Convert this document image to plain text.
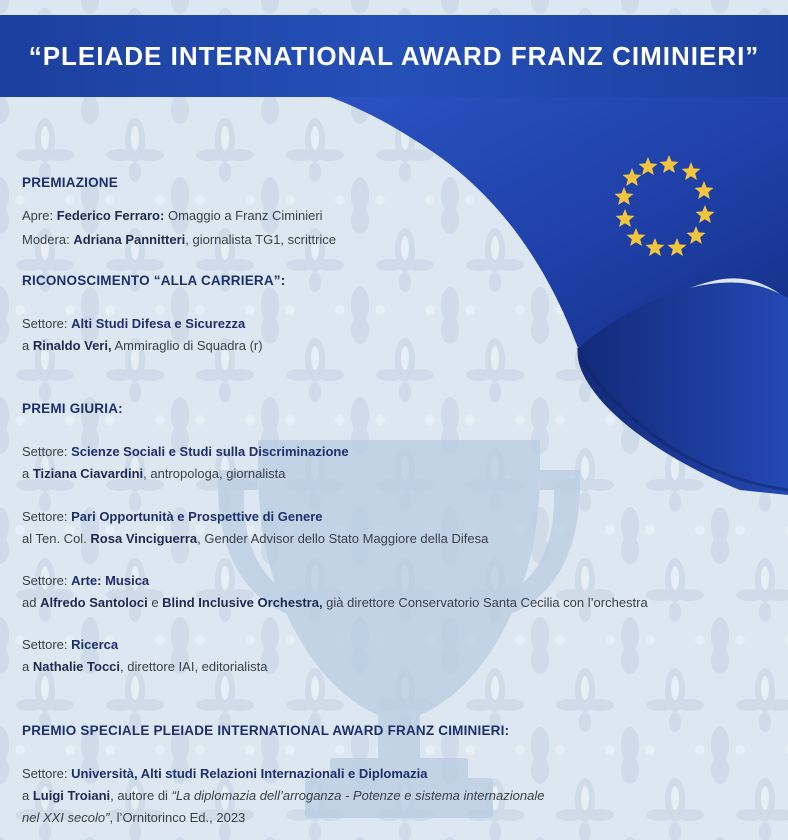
“PLEIADE INTERNATIONAL AWARD FRANZ CIMINIERI”
PREMIAZIONE
Apre: Federico Ferraro: Omaggio a Franz Ciminieri
Modera: Adriana Pannitteri, giornalista TG1, scrittrice
RICONOSCIMENTO “ALLA CARRIERA”:
Settore: Alti Studi Difesa e Sicurezza
a Rinaldo Veri, Ammiraglio di Squadra (r)
PREMI GIURIA:
Settore: Scienze Sociali e Studi sulla Discriminazione
a Tiziana Ciavardini, antropologa, giornalista
Settore: Pari Opportunità e Prospettive di Genere
al Ten. Col. Rosa Vinciguerra, Gender Advisor dello Stato Maggiore della Difesa
Settore: Arte: Musica
ad Alfredo Santoloci e Blind Inclusive Orchestra, già direttore Conservatorio Santa Cecilia con l’orchestra
Settore: Ricerca
a Nathalie Tocci, direttore IAI, editorialista
PREMIO SPECIALE PLEIADE INTERNATIONAL AWARD FRANZ CIMINIERI:
Settore: Università, Alti studi Relazioni Internazionali e Diplomazia
a Luigi Troiani, autore di “La diplomazia dell’arroganza - Potenze e sistema internazionale
nel XXI secolo”, l’Ornitorinco Ed., 2023
